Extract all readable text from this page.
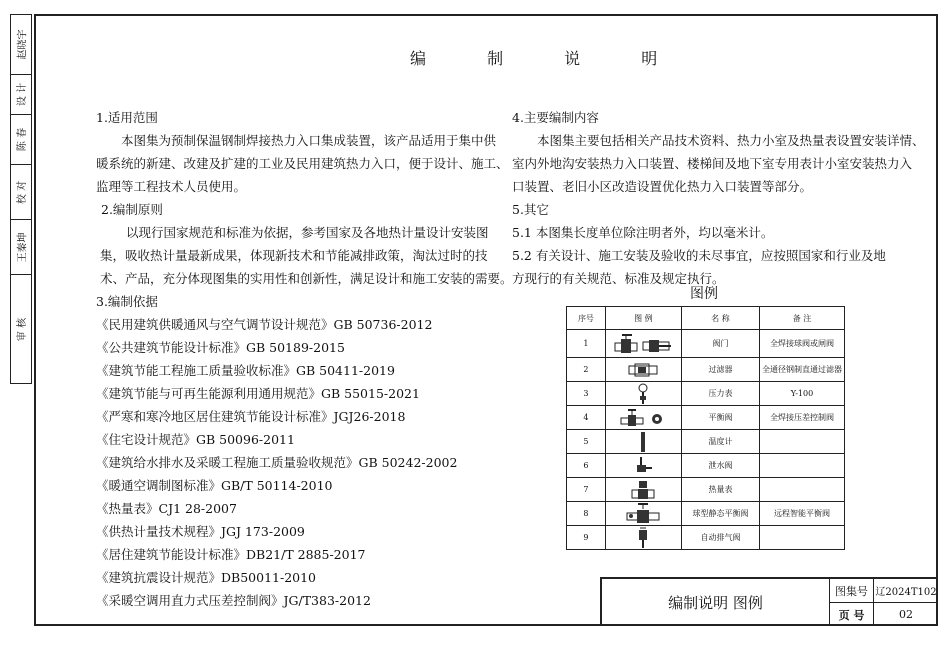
赵晓宇
设 计
陈 春
校 对
王秦坤
审 核
编 制 说 明

1.适用范围

本图集为预制保温钢制焊接热力入口集成装置，该产品适用于集中供

暖系统的新建、改建及扩建的工业及民用建筑热力入口，便于设计、施工、

监理等工程技术人员使用。

2.编制原则

以现行国家规范和标准为依据，参考国家及各地热计量设计安装图

集，吸收热计量最新成果，体现新技术和节能减排政策，淘汰过时的技

术、产品，充分体现图集的实用性和创新性，满足设计和施工安装的需要。

3.编制依据

《民用建筑供暖通风与空气调节设计规范》GB 50736-2012

《公共建筑节能设计标准》GB 50189-2015

《建筑节能工程施工质量验收标准》GB 50411-2019

《建筑节能与可再生能源利用通用规范》GB 55015-2021

《严寒和寒冷地区居住建筑节能设计标准》JGJ26-2018

《住宅设计规范》GB 50096-2011

《建筑给水排水及采暖工程施工质量验收规范》GB 50242-2002

《暖通空调制图标准》GB/T 50114-2010

《热量表》CJ1 28-2007

《供热计量技术规程》JGJ 173-2009

《居住建筑节能设计标准》DB21/T 2885-2017

《建筑抗震设计规范》DB50011-2010

《采暖空调用直力式压差控制阀》JG/T383-2012

4.主要编制内容

本图集主要包括相关产品技术资料、热力小室及热量表设置安装详情、

室内外地沟安装热力入口装置、楼梯间及地下室专用表计小室安装热力入

口装置、老旧小区改造设置优化热力入口装置等部分。

5.其它

5.1 本图集长度单位除注明者外，均以毫米计。

5.2 有关设计、施工安装及验收的未尽事宜，应按照国家和行业及地

方现行的有关规范、标准及规定执行。

图例
序号	图 例	名 称	备 注
1		阀门	全焊接球阀或闸阀
2		过滤器	全通径钢制直通过滤器
3		压力表	Y-100
4		平衡阀	全焊接压差控制阀
5		温度计	
6		泄水阀	
7		热量表	
8		球型静态平衡阀	远程智能平衡阀
9		自动排气阀	
编制说明 图例
图集号 辽2024T102
页 号	02
